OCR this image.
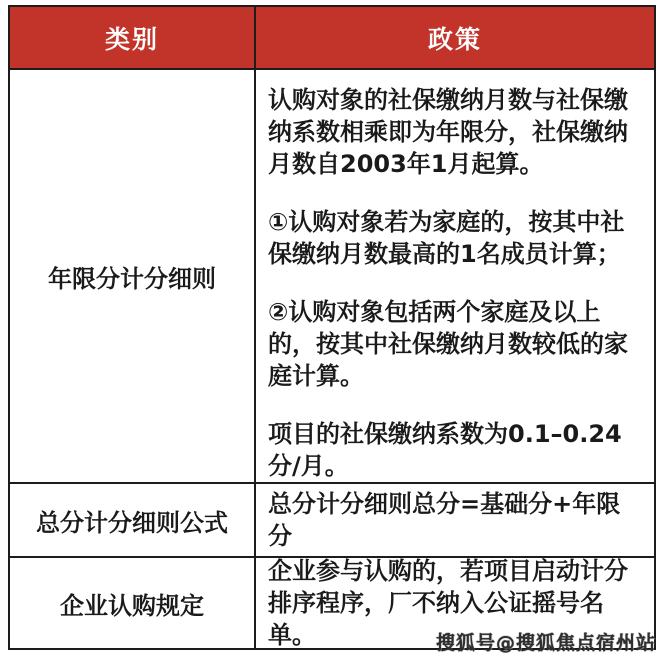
类别	政策
年限分计分细则

认购对象的社保缴纳月数与社保缴纳系数相乘即为年限分，社保缴纳月数自2003年1月起算。

①认购对象若为家庭的，按其中社保缴纳月数最高的1名成员计算；

②认购对象包括两个家庭及以上的，按其中社保缴纳月数较低的家庭计算。

项目的社保缴纳系数为0.1–0.24分/月。

总分计分细则公式

总分计分细则总分=基础分+年限分

企业认购规定

企业参与认购的，若项目启动计分排序程序，厂不纳入公证摇号名单。	搜狐号@搜狐焦点宿州站
